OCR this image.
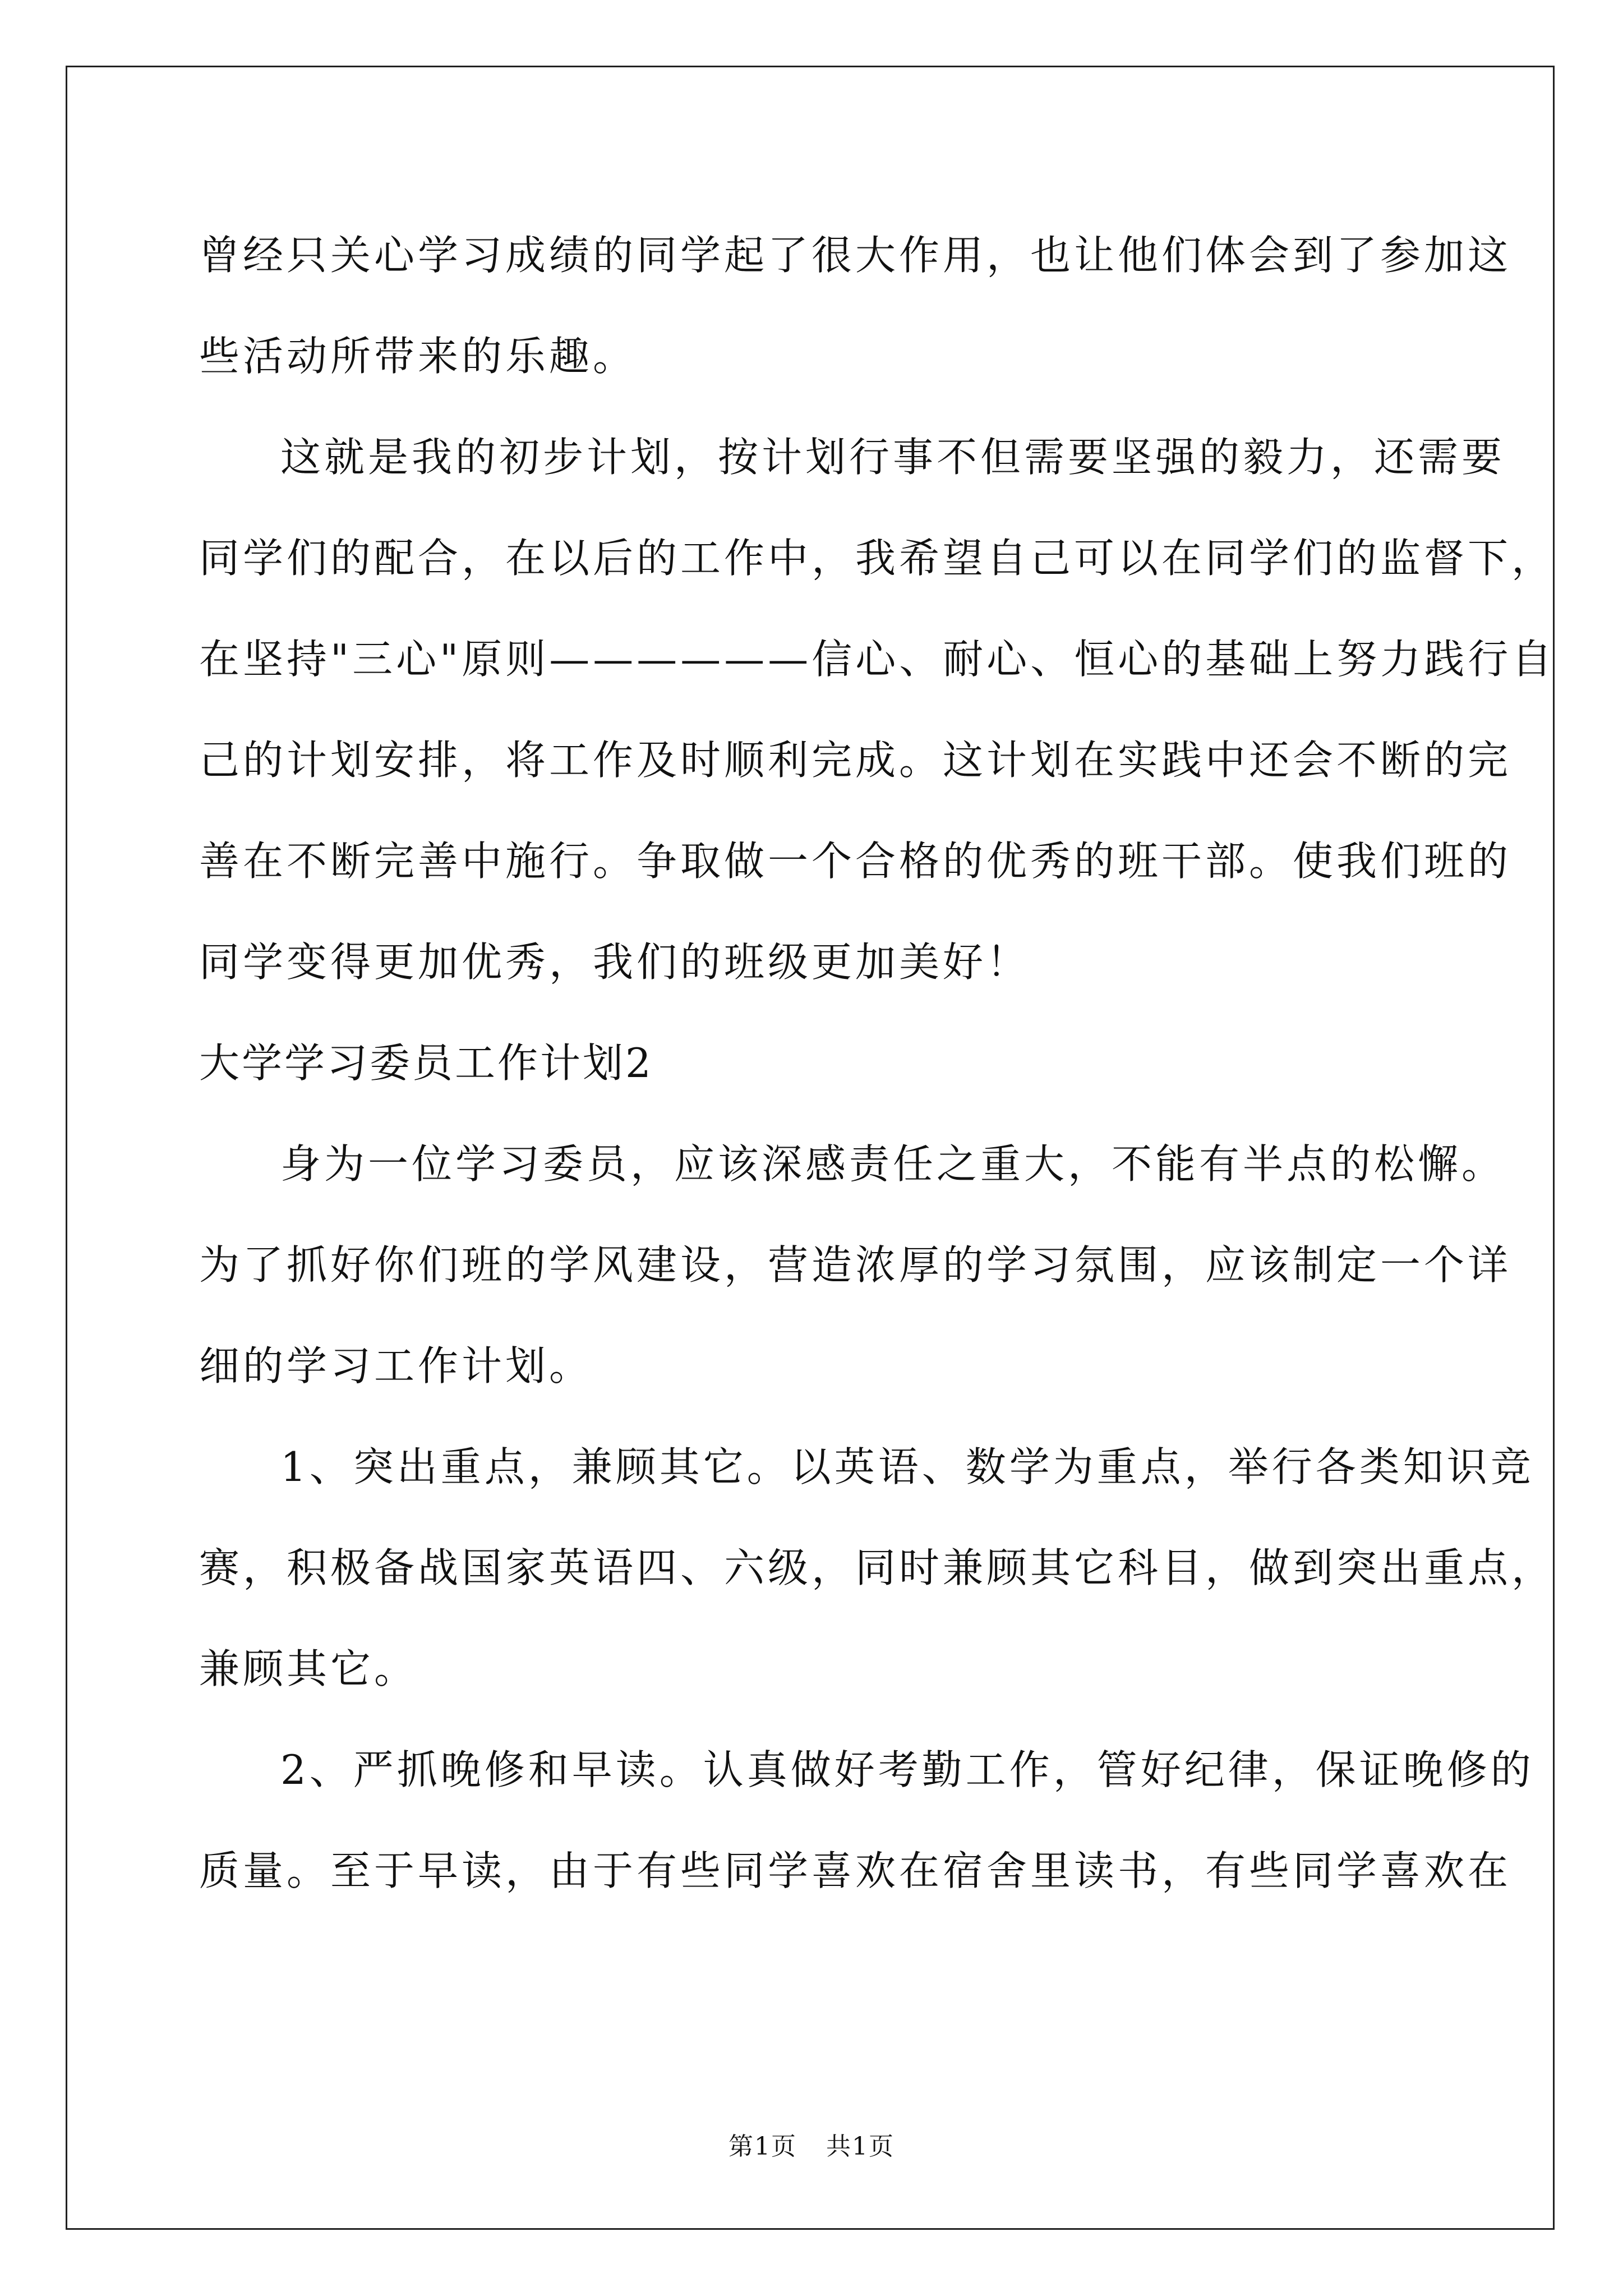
曾经只关心学习成绩的同学起了很大作用，也让他们体会到了参加这
些活动所带来的乐趣。
这就是我的初步计划，按计划行事不但需要坚强的毅力，还需要
同学们的配合，在以后的工作中，我希望自己可以在同学们的监督下，
在坚持"三心"原则——————信心、耐心、恒心的基础上努力践行自
己的计划安排，将工作及时顺利完成。这计划在实践中还会不断的完
善在不断完善中施行。争取做一个合格的优秀的班干部。使我们班的
同学变得更加优秀，我们的班级更加美好！
大学学习委员工作计划2
身为一位学习委员，应该深感责任之重大，不能有半点的松懈。
为了抓好你们班的学风建设，营造浓厚的学习氛围，应该制定一个详
细的学习工作计划。
1、突出重点，兼顾其它。以英语、数学为重点，举行各类知识竞
赛，积极备战国家英语四、六级，同时兼顾其它科目，做到突出重点，
兼顾其它。
2、严抓晚修和早读。认真做好考勤工作，管好纪律，保证晚修的
质量。至于早读，由于有些同学喜欢在宿舍里读书，有些同学喜欢在
第1页 共1页
